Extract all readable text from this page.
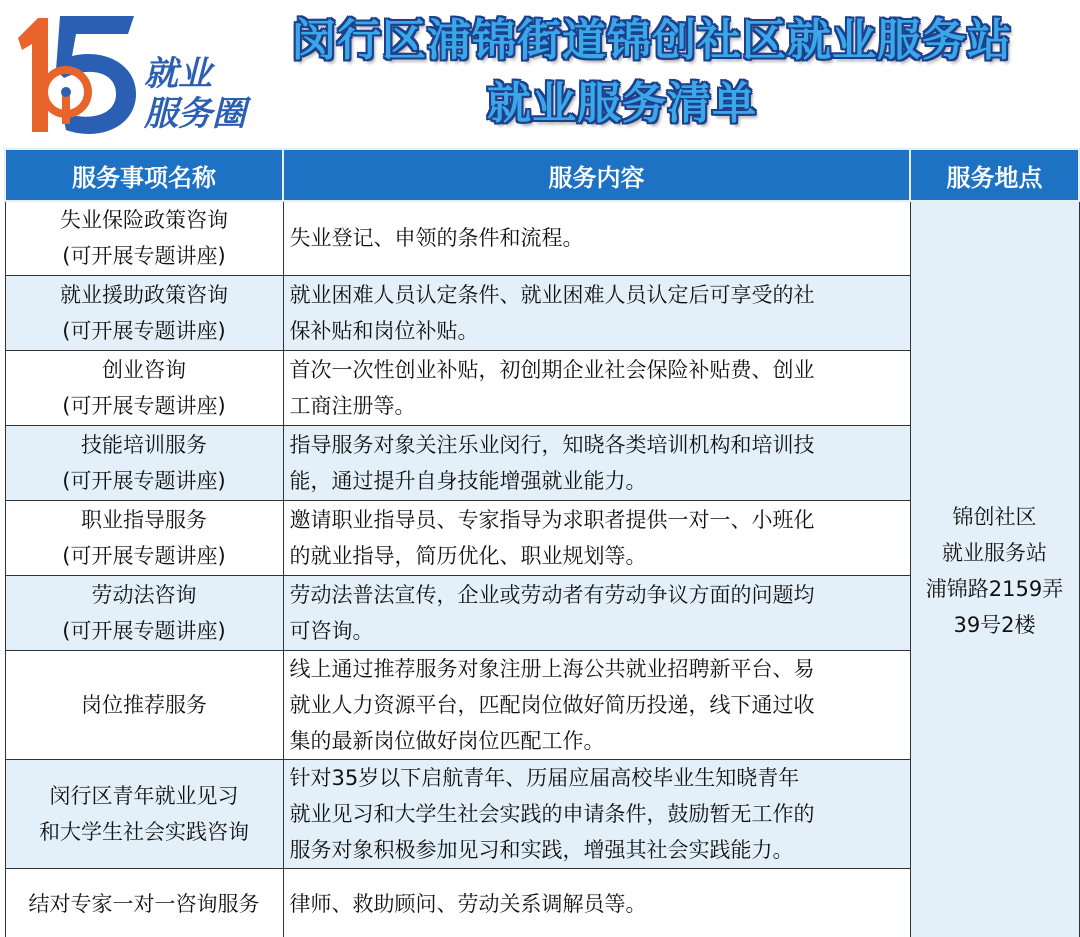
就业
服务圈
闵行区浦锦街道锦创社区就业服务站
就业服务清单
服务事项名称	服务内容	服务地点

失业保险政策咨询
(可开展专题讲座)	失业登记、申领的条件和流程。	锦创社区
就业服务站
浦锦路2159弄
39号2楼

就业援助政策咨询
(可开展专题讲座)	就业困难人员认定条件、就业困难人员认定后可享受的社
保补贴和岗位补贴。	

创业咨询
(可开展专题讲座)	首次一次性创业补贴，初创期企业社会保险补贴费、创业
工商注册等。	

技能培训服务
(可开展专题讲座)	指导服务对象关注乐业闵行，知晓各类培训机构和培训技
能，通过提升自身技能增强就业能力。	

职业指导服务
(可开展专题讲座)	邀请职业指导员、专家指导为求职者提供一对一、小班化
的就业指导，简历优化、职业规划等。	

劳动法咨询
(可开展专题讲座)	劳动法普法宣传，企业或劳动者有劳动争议方面的问题均
可咨询。	

岗位推荐服务	线上通过推荐服务对象注册上海公共就业招聘新平台、易
就业人力资源平台，匹配岗位做好简历投递，线下通过收
集的最新岗位做好岗位匹配工作。	

闵行区青年就业见习
和大学生社会实践咨询	针对35岁以下启航青年、历届应届高校毕业生知晓青年
就业见习和大学生社会实践的申请条件，鼓励暂无工作的
服务对象积极参加见习和实践，增强其社会实践能力。	

结对专家一对一咨询服务	律师、救助顾问、劳动关系调解员等。	
